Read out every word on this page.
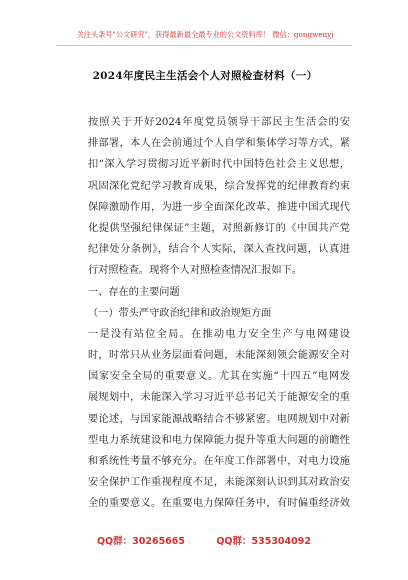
关注头条号"公文研究"，获得最新最全最专业的公文资料库！ 微信：gongwenyj
2024年度民主生活会个人对照检查材料（一）
按照关于开好2024年度党员领导干部民主生活会的安
排部署，本人在会前通过个人自学和集体学习等方式，紧
扣“深入学习贯彻习近平新时代中国特色社会主义思想，
巩固深化党纪学习教育成果，综合发挥党的纪律教育约束
保障激励作用，为进一步全面深化改革、推进中国式现代
化提供坚强纪律保证”主题，对照新修订的《中国共产党
纪律处分条例》，结合个人实际，深入查找问题，认真进
行对照检查。现将个人对照检查情况汇报如下。
一、存在的主要问题
（一）带头严守政治纪律和政治规矩方面
一是没有站位全局。在推动电力安全生产与电网建设
时，时常只从业务层面看问题，未能深刻领会能源安全对
国家安全全局的重要意义。尤其在实施“十四五”电网发
展规划中，未能深入学习习近平总书记关于能源安全的重
要论述，与国家能源战略结合不够紧密。电网规划中对新
型电力系统建设和电力保障能力提升等重大问题的前瞻性
和系统性考量不够充分。在年度工作部署中，对电力设施
安全保护工作重视程度不足，未能深刻认识到其对政治安
全的重要意义。在重要电力保障任务中，有时偏重经济效
QQ群：30265665	QQ群：535304092
